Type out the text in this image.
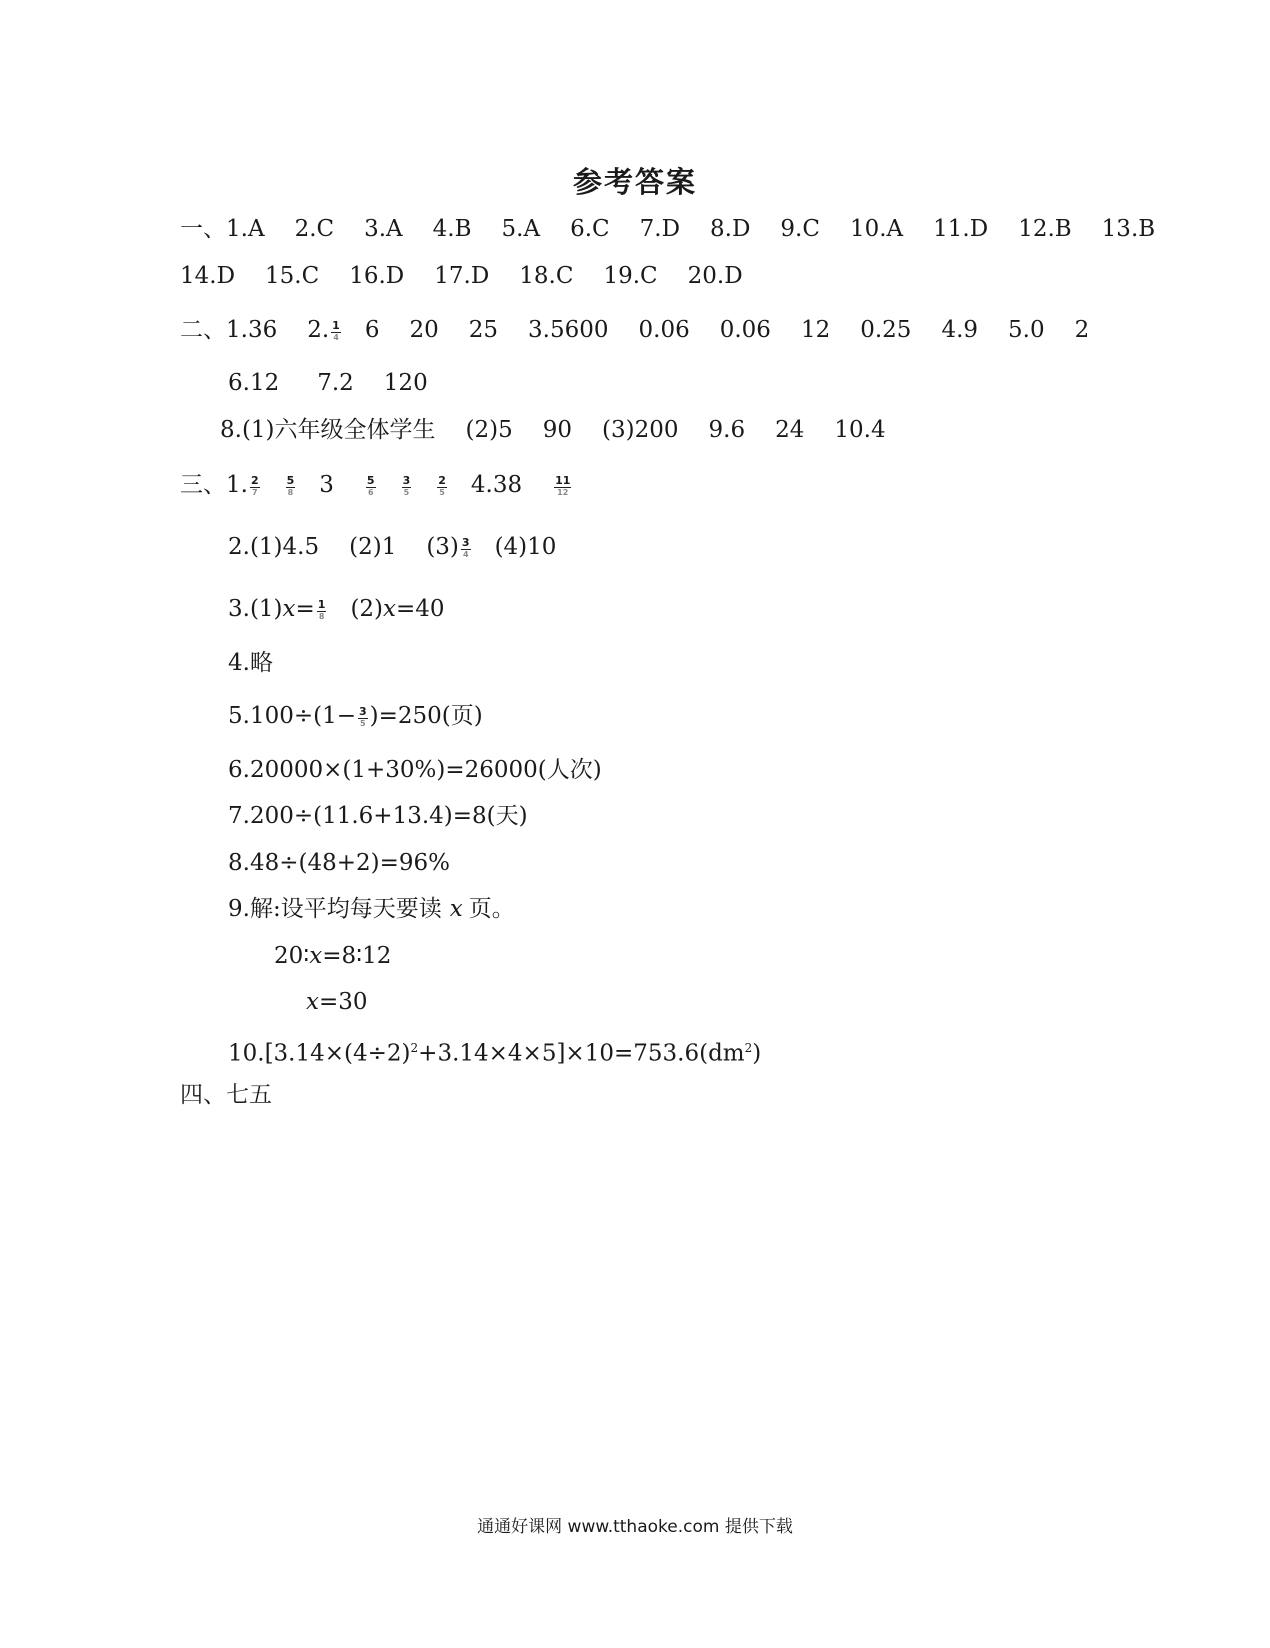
参考答案
一、1.A 2.C 3.A 4.B 5.A 6.C 7.D 8.D 9.C 10.A 11.D 12.B 13.B
14.D 15.C 16.D 17.D 18.C 19.C 20.D
二、1.36 2. $\frac{1}{4} 6$ 20 25 3.5600 0.06 0.06 12 0.25 4.9 5.0 2
6.12 7.2 120
8.(1)六年级全体学生 (2)5 90 (3)200 9.6 24 10.4
三、1. $\frac{2}{7} \frac{5}{8} 3$	$\frac{5}{6} \frac{3}{5} \frac{2}{5} 4.38$	$\frac{11}{12}$
2.(1)4.5 (2)1 $(3) \frac{3}{4} (4)10$
$3.(1)x= \frac{1}{8} (2)x=40$
4.略
$5.100\div(1- \frac{3}{5} )=250$(页)
6.20000×(1+30%)=26000(人次)
7.200÷(11.6+13.4)=8(天)
8.48÷(48+2)=96%
9.解:设平均每天要读 x 页。
20∶x=8∶12
x=30
$10.[3.14\times(4\div 2)^2+3.14\times 4\times 5]\times 10=753.6(dm^2)$
四、七五
通通好课网 www.tthaoke.com 提供下载
